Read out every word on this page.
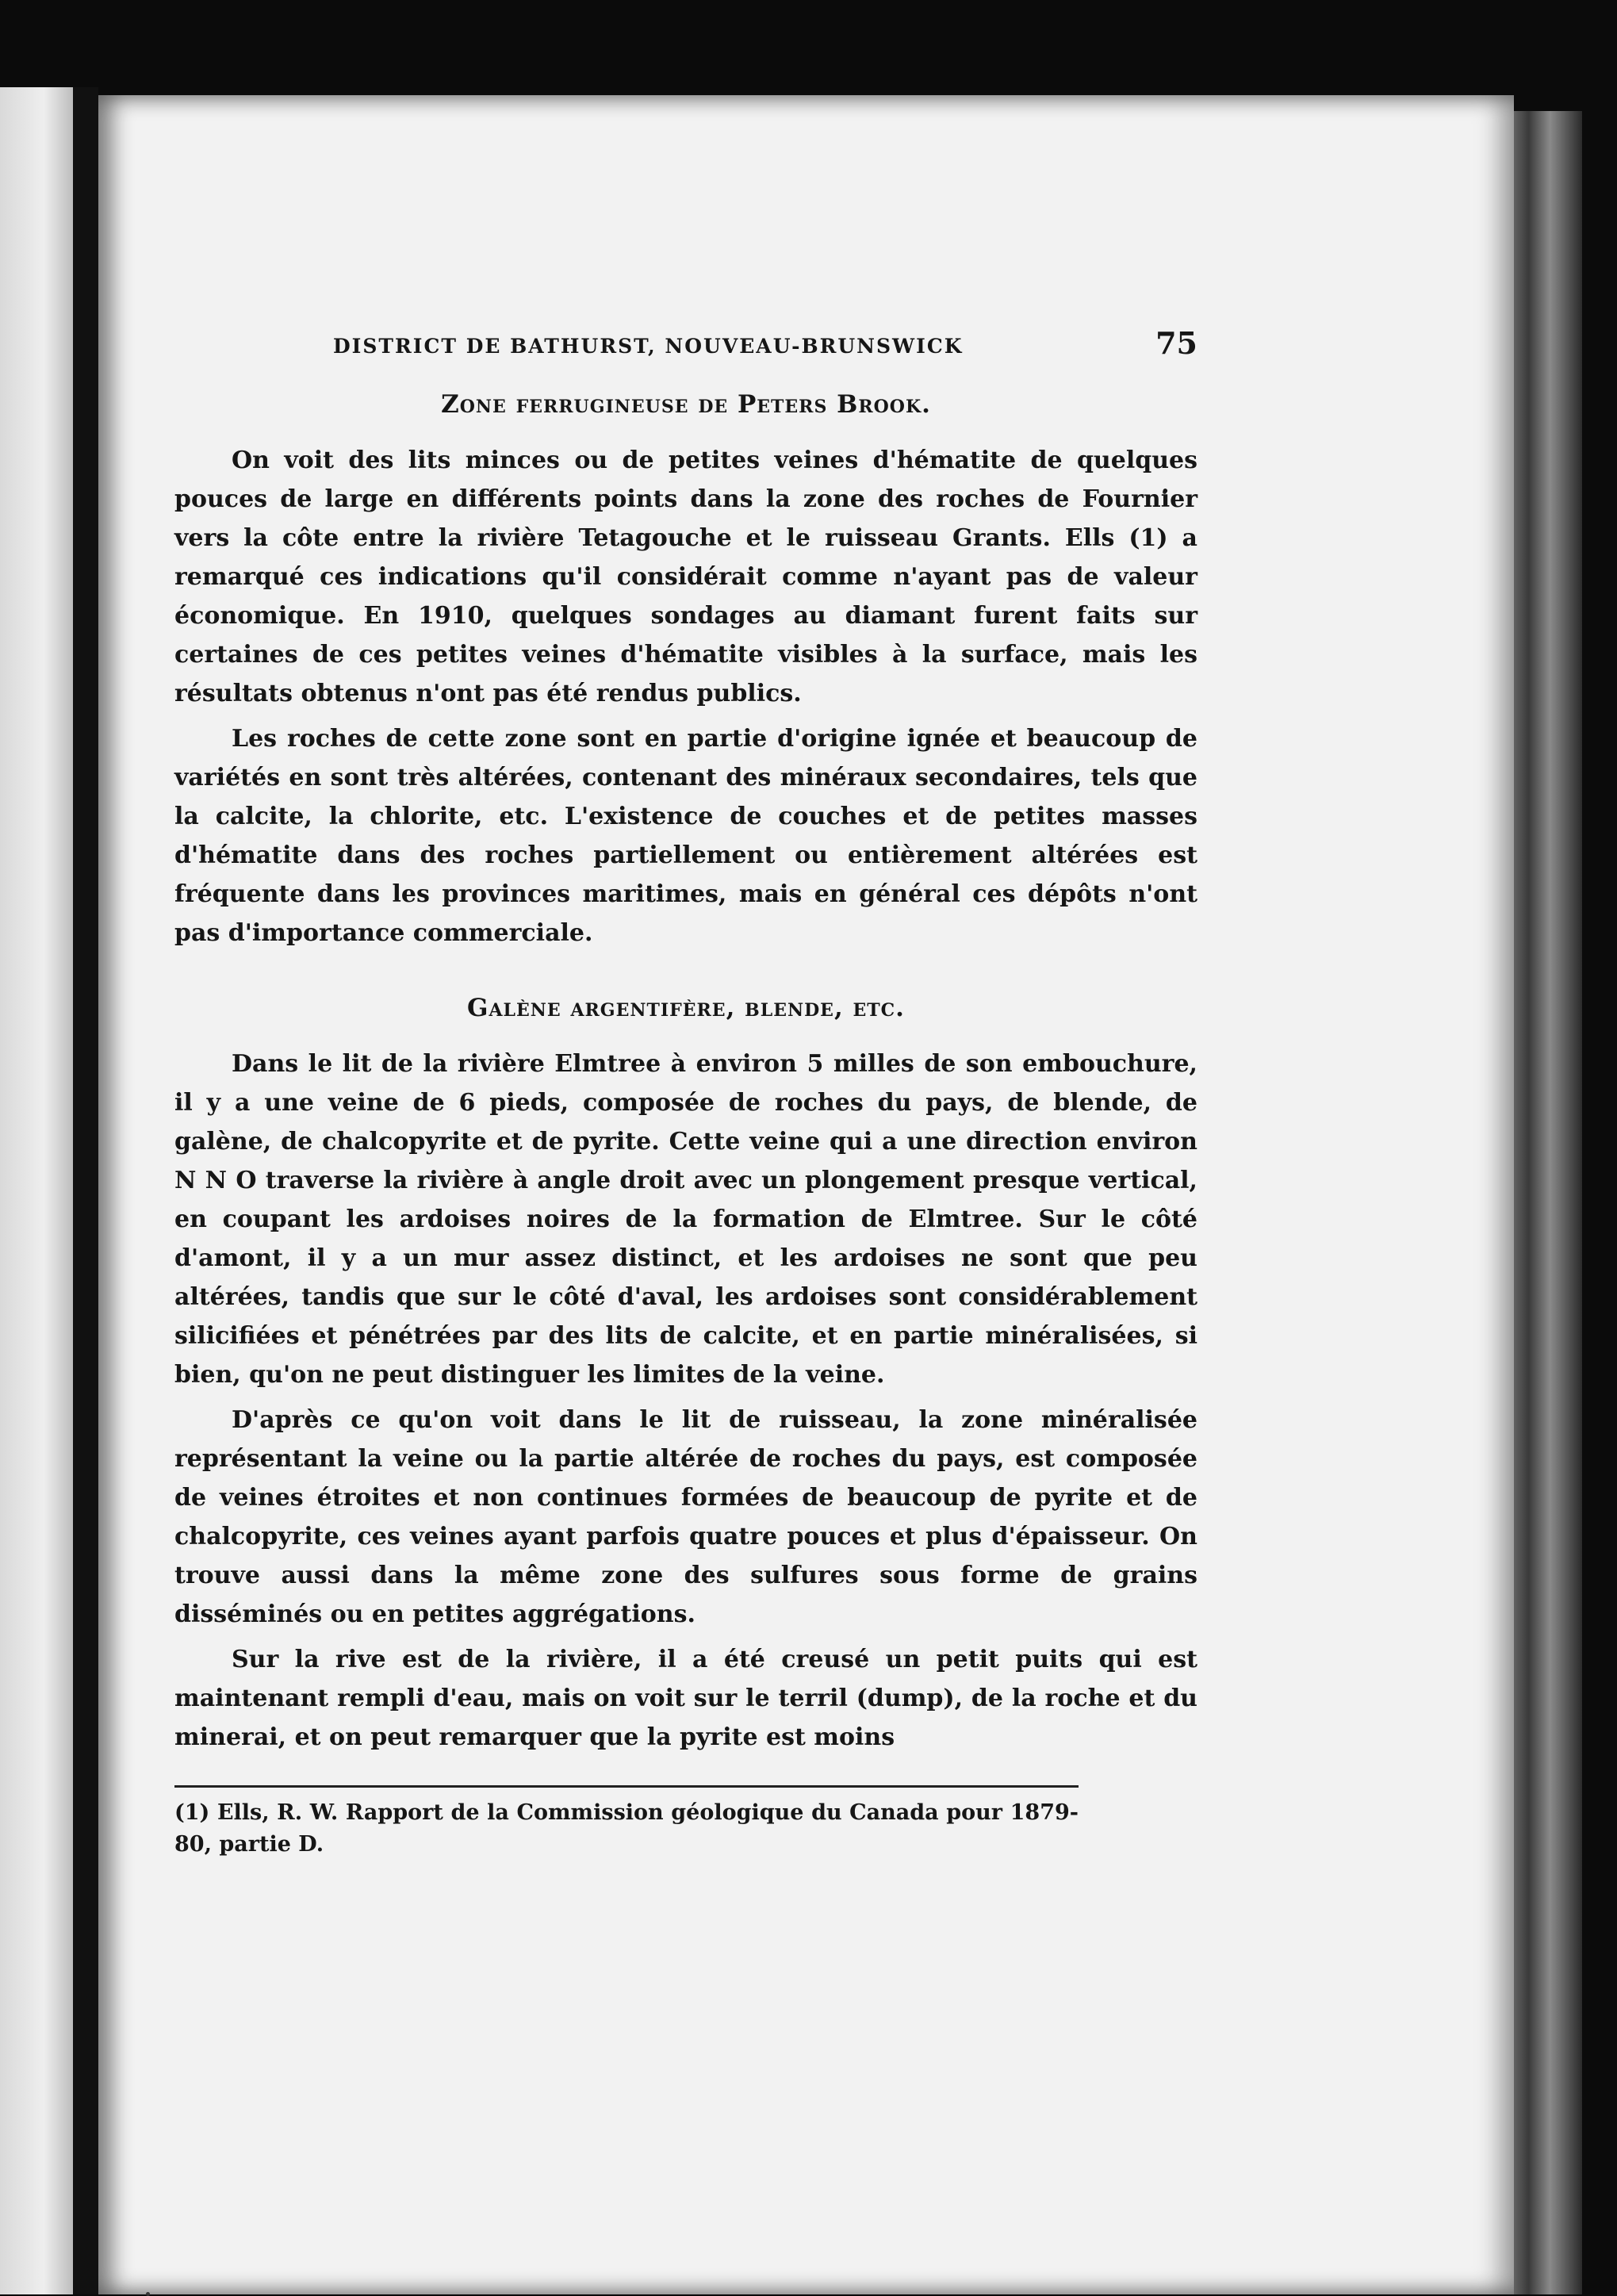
DISTRICT DE BATHURST, NOUVEAU-BRUNSWICK	75
Zone ferrugineuse de Peters Brook.

On voit des lits minces ou de petites veines d'hématite de quelques pouces de large en différents points dans la zone des roches de Fournier vers la côte entre la rivière Tetagouche et le ruisseau Grants. Ells (1) a remarqué ces indications qu'il considérait comme n'ayant pas de valeur économique. En 1910, quelques sondages au diamant furent faits sur certaines de ces petites veines d'hématite visibles à la surface, mais les résultats obtenus n'ont pas été rendus publics.

Les roches de cette zone sont en partie d'origine ignée et beaucoup de variétés en sont très altérées, contenant des minéraux secondaires, tels que la calcite, la chlorite, etc. L'existence de couches et de petites masses d'hématite dans des roches partiellement ou entièrement altérées est fréquente dans les provinces maritimes, mais en général ces dépôts n'ont pas d'importance commerciale.

Galène argentifère, blende, etc.

Dans le lit de la rivière Elmtree à environ 5 milles de son embouchure, il y a une veine de 6 pieds, composée de roches du pays, de blende, de galène, de chalcopyrite et de pyrite. Cette veine qui a une direction environ N N O traverse la rivière à angle droit avec un plongement presque vertical, en coupant les ardoises noires de la formation de Elmtree. Sur le côté d'amont, il y a un mur assez distinct, et les ardoises ne sont que peu altérées, tandis que sur le côté d'aval, les ardoises sont considérablement silicifiées et pénétrées par des lits de calcite, et en partie minéralisées, si bien, qu'on ne peut distinguer les limites de la veine.

D'après ce qu'on voit dans le lit de ruisseau, la zone minéralisée représentant la veine ou la partie altérée de roches du pays, est composée de veines étroites et non continues formées de beaucoup de pyrite et de chalcopyrite, ces veines ayant parfois quatre pouces et plus d'épaisseur. On trouve aussi dans la même zone des sulfures sous forme de grains disséminés ou en petites aggrégations.

Sur la rive est de la rivière, il a été creusé un petit puits qui est maintenant rempli d'eau, mais on voit sur le terril (dump), de la roche et du minerai, et on peut remarquer que la pyrite est moins

(1) Ells, R. W. Rapport de la Commission géologique du Canada pour 1879-80, partie D.
